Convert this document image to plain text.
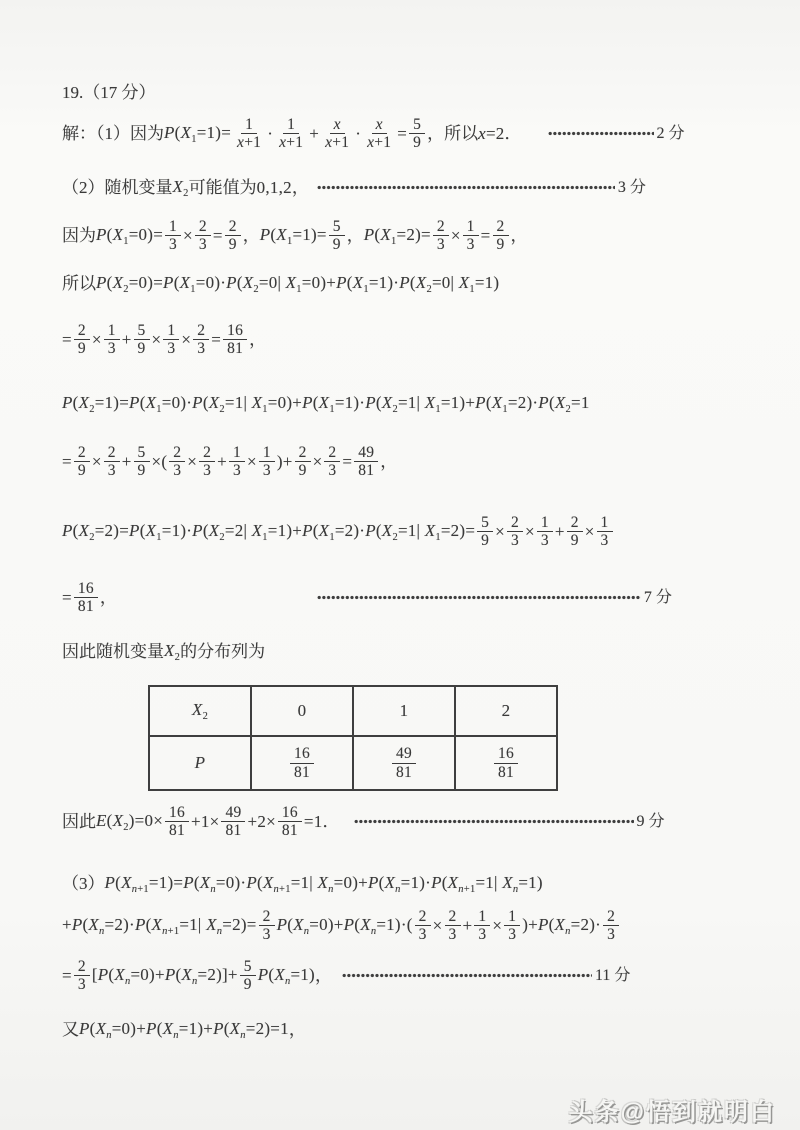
19.（17 分）
解：（1）因为 $P(X_1=1)= \frac{1}{x+1} \cdot \frac{1}{x+1} + \frac{x}{x+1} \cdot \frac{x}{x+1} = \frac{5}{9}$ ，所以 x=2 ．	2 分
（2）随机变量 $X_2$ 可能值为 0,1,2 ，	3 分
因为 $P(X_1=0)= \frac{1}{3} \times \frac{2}{3} = \frac{2}{9}$ ， $P(X_1=1)= \frac{5}{9}$ ， $P(X_1=2)= \frac{2}{3} \times \frac{1}{3} = \frac{2}{9}$ ，
所以 $P(X_2=0)=P(X_1=0)\cdot P(X_2=0|$ $X_1=0)+P(X_1=1)\cdot P(X_2=0|$ $X_1=1$)
= $\frac{2}{9} \times \frac{1}{3} + \frac{5}{9} \times \frac{1}{3} \times \frac{2}{3} = \frac{16}{81}$ ，
$P(X_2=1)=P(X_1=0)\cdot P(X_2=1|$ $X_1=0)+P(X_1=1)\cdot P(X_2=1|$ $X_1=1)+P(X_1=2)\cdot P(X_2=1$
= $\frac{2}{9} \times \frac{2}{3} + \frac{5}{9}$ ×( $\frac{2}{3} \times \frac{2}{3} + \frac{1}{3} \times \frac{1}{3}$ )+ $\frac{2}{9} \times \frac{2}{3} = \frac{49}{81}$ ，
$P(X_2=2)=P(X_1=1)\cdot P(X_2=2|$ $X_1=1)+P(X_1=2)\cdot P(X_2=1|$ $X_1=2)= \frac{5}{9} \times \frac{2}{3} \times \frac{1}{3} + \frac{2}{9} \times \frac{1}{3}$
= $\frac{16}{81}$ ，	7 分
因此随机变量 $X_2$ 的分布列为
因此 $E(X_2)=0\times \frac{16}{81} +1\times \frac{49}{81} +2\times \frac{16}{81} =1$ ．	9 分
（3） $P(X_{n+1}=1)=P(X_n=0)\cdot P(X_{n+1}=1|$ $X_n=0)+P(X_n=1)\cdot P(X_{n+1}=1|$ $X_n=1$)
$+P(X_n=2)\cdot P(X_{n+1}=1|$ $X_n=2)= \frac{2}{3} P(X_n=0)+P(X_n=1)\cdot( \frac{2}{3} \times \frac{2}{3} + \frac{1}{3} \times \frac{1}{3} )+P(X_n=2)\cdot \frac{2}{3}$
= $\frac{2}{3} [P(X_n=0)+P(X_n=2)]+ \frac{5}{9} P(X_n=1)$ ，	11 分
又 $P(X_n=0)+P(X_n=1)+P(X_n=2)=1$ ，
$X_2$	0	1	2
P	$\frac{16}{81}$	$\frac{49}{81}$	$\frac{16}{81}$
头条@悟到就明白
